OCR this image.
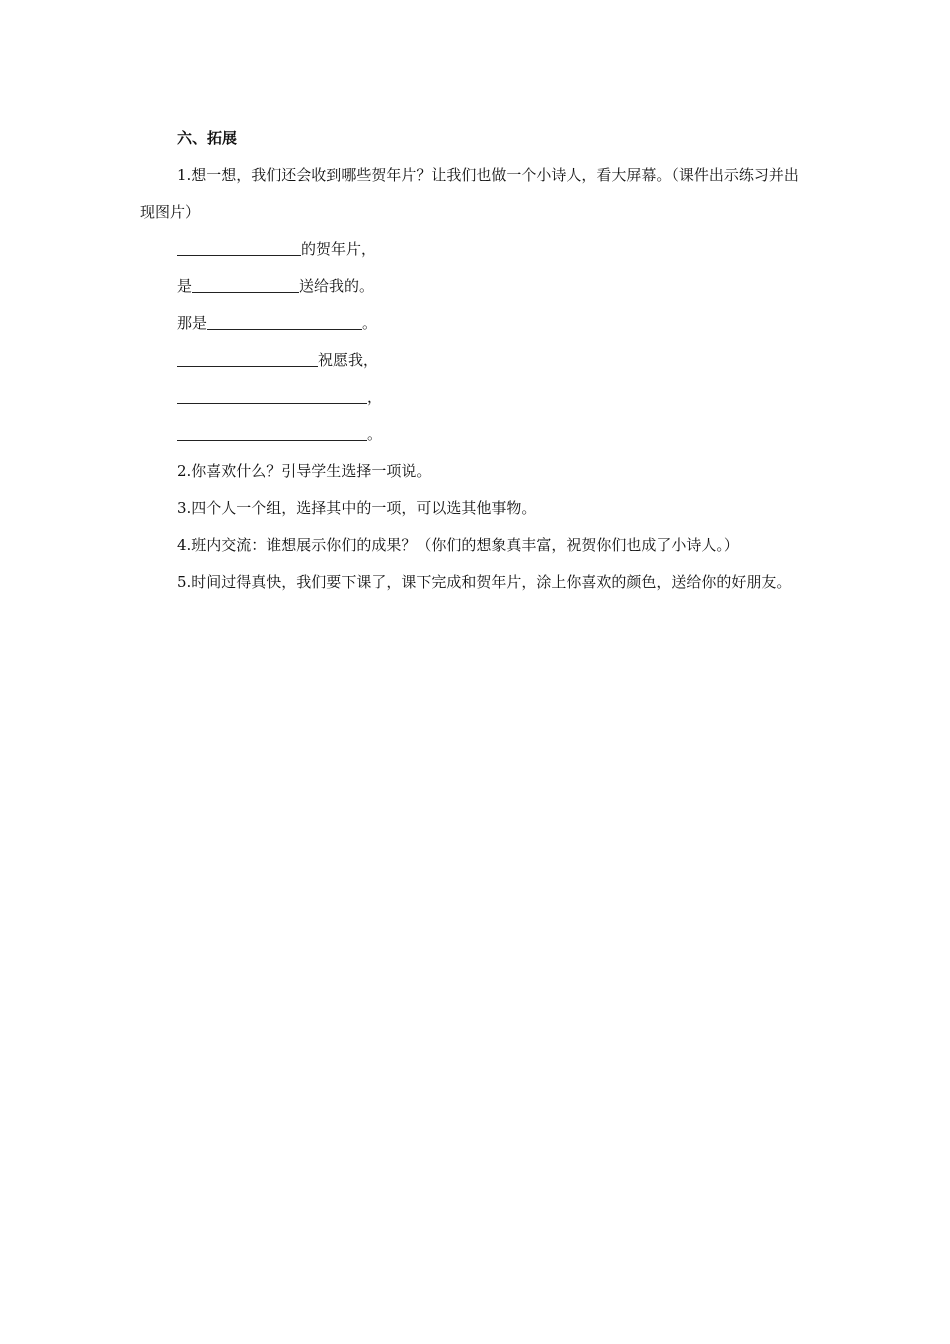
六、拓展

1.想一想，我们还会收到哪些贺年片？让我们也做一个小诗人，看大屏幕。（课件出示练习并出现图片）

的贺年片，
是	送给我的。
那是	。
祝愿我，
，
。

2.你喜欢什么？引导学生选择一项说。

3.四个人一个组，选择其中的一项，可以选其他事物。

4.班内交流：谁想展示你们的成果？（你们的想象真丰富，祝贺你们也成了小诗人。）

5.时间过得真快，我们要下课了，课下完成和贺年片，涂上你喜欢的颜色，送给你的好朋友。
